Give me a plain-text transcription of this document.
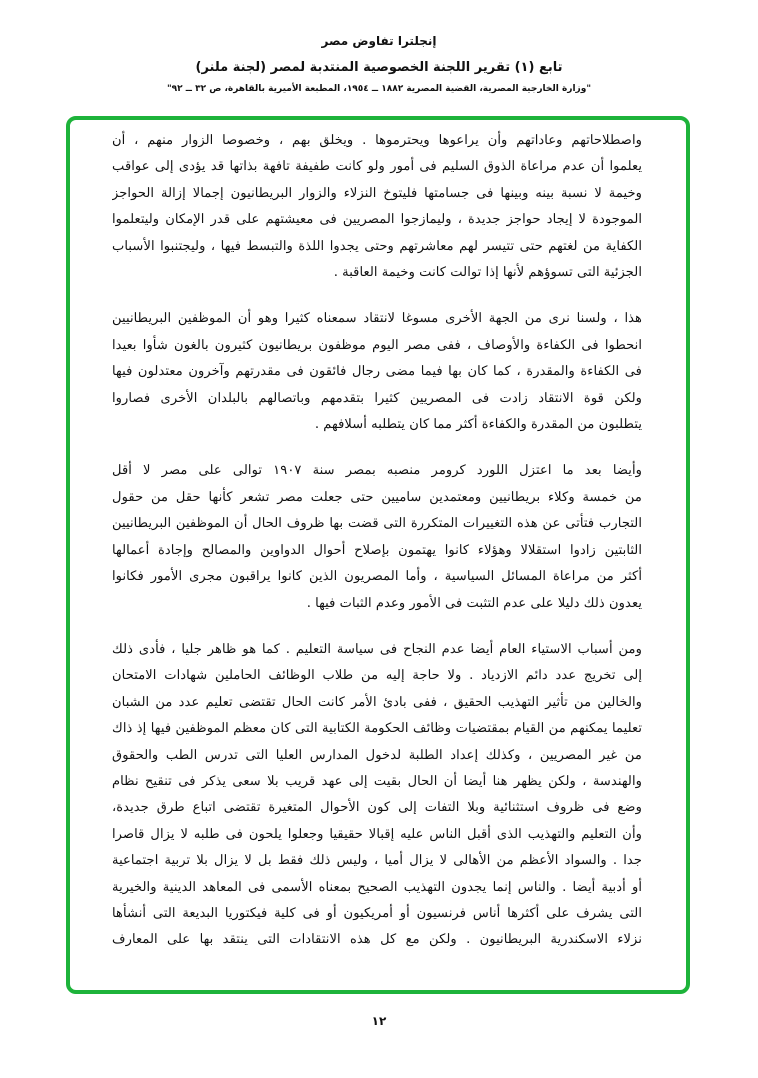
إنجلترا تفاوض مصر
تابع (١) تقرير اللجنة الخصوصية المنتدبة لمصر (لجنة ملنر)
"وزارة الخارجية المصرية، القضية المصرية ١٨٨٢ ــ ١٩٥٤، المطبعة الأميرية بالقاهرة، ص ٣٢ ــ ٩٢"

واصطلاحاتهم وعاداتهم وأن يراعوها ويحترموها . ويخلق بهم ، وخصوصا الزوار منهم ، أن
يعلموا أن عدم مراعاة الذوق السليم فى أمور ولو كانت طفيفة تافهة بذاتها قد يؤدى إلى عواقب
وخيمة لا نسبة بينه وبينها فى جسامتها فليتوخ النزلاء والزوار البريطانيون إجمالا إزالة الحواجز
الموجودة لا إيجاد حواجز جديدة ، وليمازجوا المصريين فى معيشتهم على قدر الإمكان وليتعلموا
الكفاية من لغتهم حتى تتيسر لهم معاشرتهم وحتى يجدوا اللذة والتبسط فيها ، وليجتنبوا الأسباب
الجزئية التى تسوؤهم لأنها إذا توالت كانت وخيمة العاقبة .

هذا ، ولسنا نرى من الجهة الأخرى مسوغا لانتقاد سمعناه كثيرا وهو أن الموظفين البريطانيين
انحطوا فى الكفاءة والأوصاف ، ففى مصر اليوم موظفون بريطانيون كثيرون بالغون شأوا بعيدا
فى الكفاءة والمقدرة ، كما كان بها فيما مضى رجال فائقون فى مقدرتهم وآخرون معتدلون فيها
ولكن قوة الانتقاد زادت فى المصريين كثيرا بتقدمهم وباتصالهم بالبلدان الأخرى فصاروا
يتطلبون من المقدرة والكفاءة أكثر مما كان يتطلبه أسلافهم .

وأيضا بعد ما اعتزل اللورد كرومر منصبه بمصر سنة ١٩٠٧ توالى على مصر لا أقل
من خمسة وكلاء بريطانيين ومعتمدين ساميين حتى جعلت مصر تشعر كأنها حقل من حقول
التجارب فتأتى عن هذه التغييرات المتكررة التى قضت بها ظروف الحال أن الموظفين البريطانيين
الثابتين زادوا استقلالا وهؤلاء كانوا يهتمون بإصلاح أحوال الدواوين والمصالح وإجادة أعمالها
أكثر من مراعاة المسائل السياسية ، وأما المصريون الذين كانوا يراقبون مجرى الأمور فكانوا
يعدون ذلك دليلا على عدم التثبت فى الأمور وعدم الثبات فيها .

ومن أسباب الاستياء العام أيضا عدم النجاح فى سياسة التعليم . كما هو ظاهر جليا ، فأدى ذلك
إلى تخريج عدد دائم الازدياد . ولا حاجة إليه من طلاب الوظائف الحاملين شهادات الامتحان
والخالين من تأثير التهذيب الحقيق ، ففى بادئ الأمر كانت الحال تقتضى تعليم عدد من الشبان
تعليما يمكنهم من القيام بمقتضيات وظائف الحكومة الكتابية التى كان معظم الموظفين فيها إذ ذاك
من غير المصريين ، وكذلك إعداد الطلبة لدخول المدارس العليا التى تدرس الطب والحقوق
والهندسة ، ولكن يظهر هنا أيضا أن الحال بقيت إلى عهد قريب بلا سعى يذكر فى تنقيح نظام
وضع فى ظروف استثنائية وبلا التفات إلى كون الأحوال المتغيرة تقتضى اتباع طرق جديدة،
وأن التعليم والتهذيب الذى أقبل الناس عليه إقبالا حقيقيا وجعلوا يلحون فى طلبه لا يزال قاصرا
جدا . والسواد الأعظم من الأهالى لا يزال أميا ، وليس ذلك فقط بل لا يزال بلا تربية اجتماعية
أو أدبية أيضا . والناس إنما يجدون التهذيب الصحيح بمعناه الأسمى فى المعاهد الدينية والخيرية
التى يشرف على أكثرها أناس فرنسيون أو أمريكيون أو فى كلية فيكتوريا البديعة التى أنشأها
نزلاء الاسكندرية البريطانيون . ولكن مع كل هذه الانتقادات التى ينتقد بها على المعارف

١٢
